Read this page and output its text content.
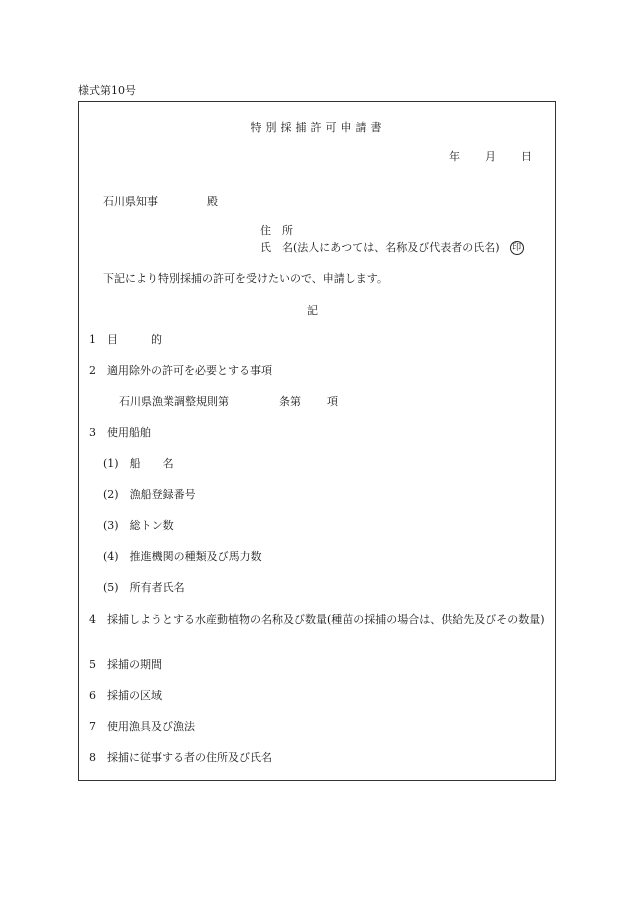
様式第10号
特別採捕許可申請書
年 月 日
石川県知事	殿
住　所
氏　名(法人にあつては、名称及び代表者の氏名) 印
下記により特別採捕の許可を受けたいので、申請します。
記
1　目　　　的
2　適用除外の許可を必要とする事項
石川県漁業調整規則第	条第 項
3　使用船舶
(1)　船　　名
(2)　漁船登録番号
(3)　総トン数
(4)　推進機関の種類及び馬力数
(5)　所有者氏名
4　採捕しようとする水産動植物の名称及び数量(種苗の採捕の場合は、供給先及びその数量)
5　採捕の期間
6　採捕の区域
7　使用漁具及び漁法
8　採捕に従事する者の住所及び氏名
